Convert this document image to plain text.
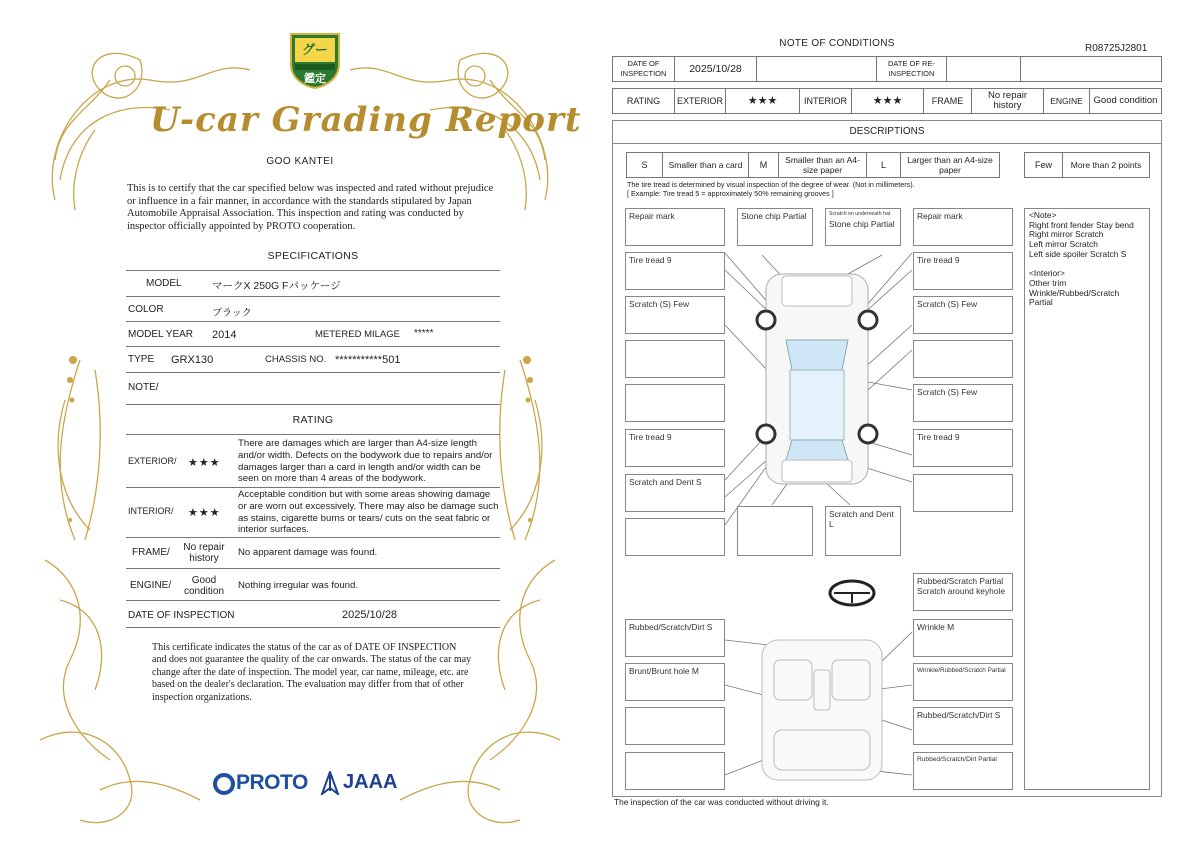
グー
鑑定
U-car Grading Report
GOO KANTEI
This is to certify that the car specified below was inspected and rated without prejudice or influence in a fair manner, in accordance with the standards stipulated by Japan Automobile Appraisal Association. This inspection and rating was conducted by inspector officially appointed by PROTO cooperation.
SPECIFICATIONS
MODEL	マークX 250G Fパッケージ
COLOR	ブラック
MODEL YEAR 2014	METERED MILAGE *****
TYPE GRX130	CHASSIS NO. ***********501
NOTE/
RATING
EXTERIOR/ ★★★
There are damages which are larger than A4-size length and/or width. Defects on the bodywork due to repairs and/or damages larger than a card in length and/or width can be seen on more than 4 areas of the bodywork.
INTERIOR/ ★★★
Acceptable condition but with some areas showing damage or are worn out excessively. There may also be damage such as stains, cigarette burns or tears/ cuts on the seat fabric or interior surfaces.
FRAME/	No repair history
No apparent damage was found.
ENGINE/	Good condition
Nothing irregular was found.
DATE OF INSPECTION	2025/10/28
This certificate indicates the status of the car as of DATE OF INSPECTION and does not guarantee the quality of the car onwards. The status of the car may change after the date of inspection. The model year, car name, mileage, etc. are based on the dealer's declaration. The evaluation may differ from that of other inspection organizations.
PROTO JAAA
NOTE OF CONDITIONS	R08725J2801
DATE OF INSPECTION	2025/10/28		DATE OF RE-INSPECTION		
RATING	EXTERIOR	★★★	INTERIOR	★★★	FRAME	No repair history	ENGINE	Good condition
DESCRIPTIONS
S	Smaller than a card	M	Smaller than an A4-size paper	L	Larger than an A4-size paper	Few	More than 2 points
The tire tread is determined by visual inspection of the degree of wear. (Not in millimeters).
[ Example: Tire tread 5 = approximately 50% remaining grooves ]
Repair mark
Tire tread 9
Scratch (S) Few
Tire tread 9
Scratch and Dent S
Stone chip Partial	Scratch on underneath hat
Stone chip Partial
Repair mark
Tire tread 9
Scratch (S) Few
Scratch (S) Few
Tire tread 9
Scratch and Dent L
Rubbed/Scratch Partial
Scratch around keyhole
Rubbed/Scratch/Dirt S
Brunt/Brunt hole M
Wrinkle M
Wrinkle/Rubbed/Scratch Partial
Rubbed/Scratch/Dirt S
Rubbed/Scratch/Dirt Partial
<Note>
Right front fender Stay bend
Right mirror Scratch
Left mirror Scratch
Left side spoiler Scratch S

<Interior>
Other trim
Wrinkle/Rubbed/Scratch Partial
The inspection of the car was conducted without driving it.
